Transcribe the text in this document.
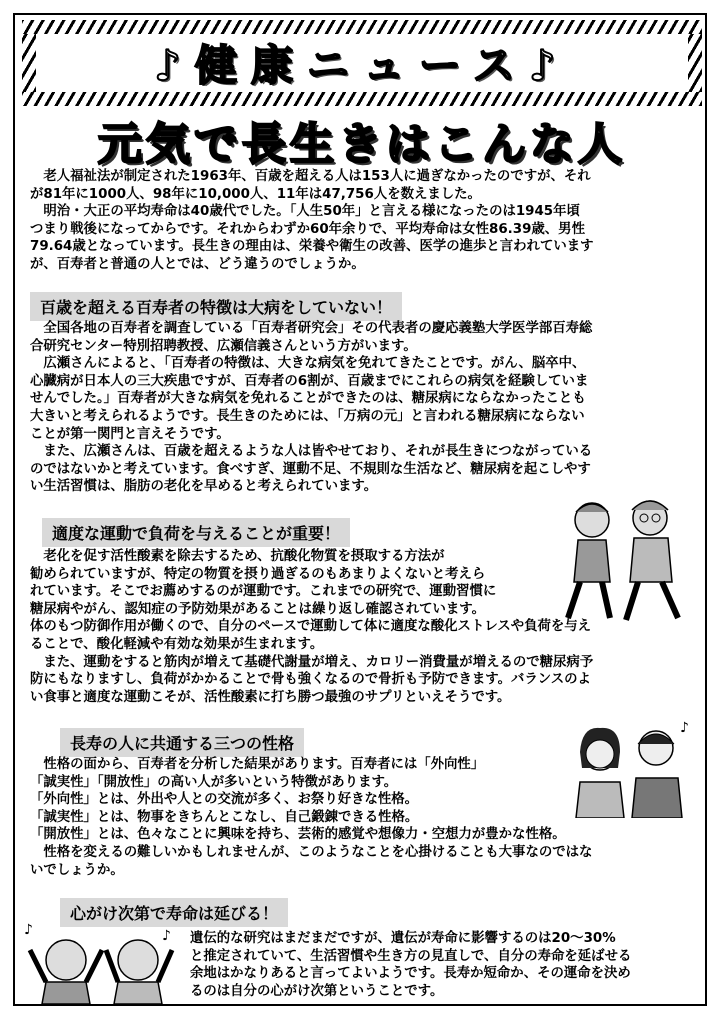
♪健康ニュース♪
元気で長生きはこんな人
　老人福祉法が制定された1963年、百歳を超える人は153人に過ぎなかったのですが、それ
が81年に1000人、98年に10,000人、11年は47,756人を数えました。
　明治・大正の平均寿命は40歳代でした。「人生50年」と言える様になったのは1945年頃
つまり戦後になってからです。それからわずか60年余りで、平均寿命は女性86.39歳、男性
79.64歳となっています。長生きの理由は、栄養や衛生の改善、医学の進歩と言われています
が、百寿者と普通の人とでは、どう違うのでしょうか。
百歳を超える百寿者の特徴は大病をしていない！
　全国各地の百寿者を調査している「百寿者研究会」その代表者の慶応義塾大学医学部百寿総
合研究センター特別招聘教授、広瀬信義さんという方がいます。
　広瀬さんによると、「百寿者の特徴は、大きな病気を免れてきたことです。がん、脳卒中、
心臓病が日本人の三大疾患ですが、百寿者の6割が、百歳までにこれらの病気を経験していま
せんでした。」百寿者が大きな病気を免れることができたのは、糖尿病にならなかったことも
大きいと考えられるようです。長生きのためには、「万病の元」と言われる糖尿病にならない
ことが第一関門と言えそうです。
　また、広瀬さんは、百歳を超えるような人は皆やせており、それが長生きにつながっている
のではないかと考えています。食べすぎ、運動不足、不規則な生活など、糖尿病を起こしやす
い生活習慣は、脂肪の老化を早めると考えられています。
適度な運動で負荷を与えることが重要！
　老化を促す活性酸素を除去するため、抗酸化物質を摂取する方法が
勧められていますが、特定の物質を摂り過ぎるのもあまりよくないと考えら
れています。そこでお薦めするのが運動です。これまでの研究で、運動習慣に
糖尿病やがん、認知症の予防効果があることは繰り返し確認されています。
体のもつ防御作用が働くので、自分のペースで運動して体に適度な酸化ストレスや負荷を与え
ることで、酸化軽減や有効な効果が生まれます。
　また、運動をすると筋肉が増えて基礎代謝量が増え、カロリー消費量が増えるので糖尿病予
防にもなりますし、負荷がかかることで骨も強くなるので骨折も予防できます。バランスのよ
い食事と適度な運動こそが、活性酸素に打ち勝つ最強のサプリといえそうです。
長寿の人に共通する三つの性格
　性格の面から、百寿者を分析した結果があります。百寿者には「外向性」
「誠実性」「開放性」の高い人が多いという特徴があります。
「外向性」とは、外出や人との交流が多く、お祭り好きな性格。
「誠実性」とは、物事をきちんとこなし、自己鍛錬できる性格。
「開放性」とは、色々なことに興味を持ち、芸術的感覚や想像力・空想力が豊かな性格。
　性格を変えるの難しいかもしれませんが、このようなことを心掛けることも大事なのではな
いでしょうか。
♪
心がけ次第で寿命は延びる！
♪	♪ 遺伝的な研究はまだまだですが、遺伝が寿命に影響するのは20～30%
と推定されていて、生活習慣や生き方の見直しで、自分の寿命を延ばせる
余地はかなりあると言ってよいようです。長寿か短命か、その運命を決め
るのは自分の心がけ次第ということです。
